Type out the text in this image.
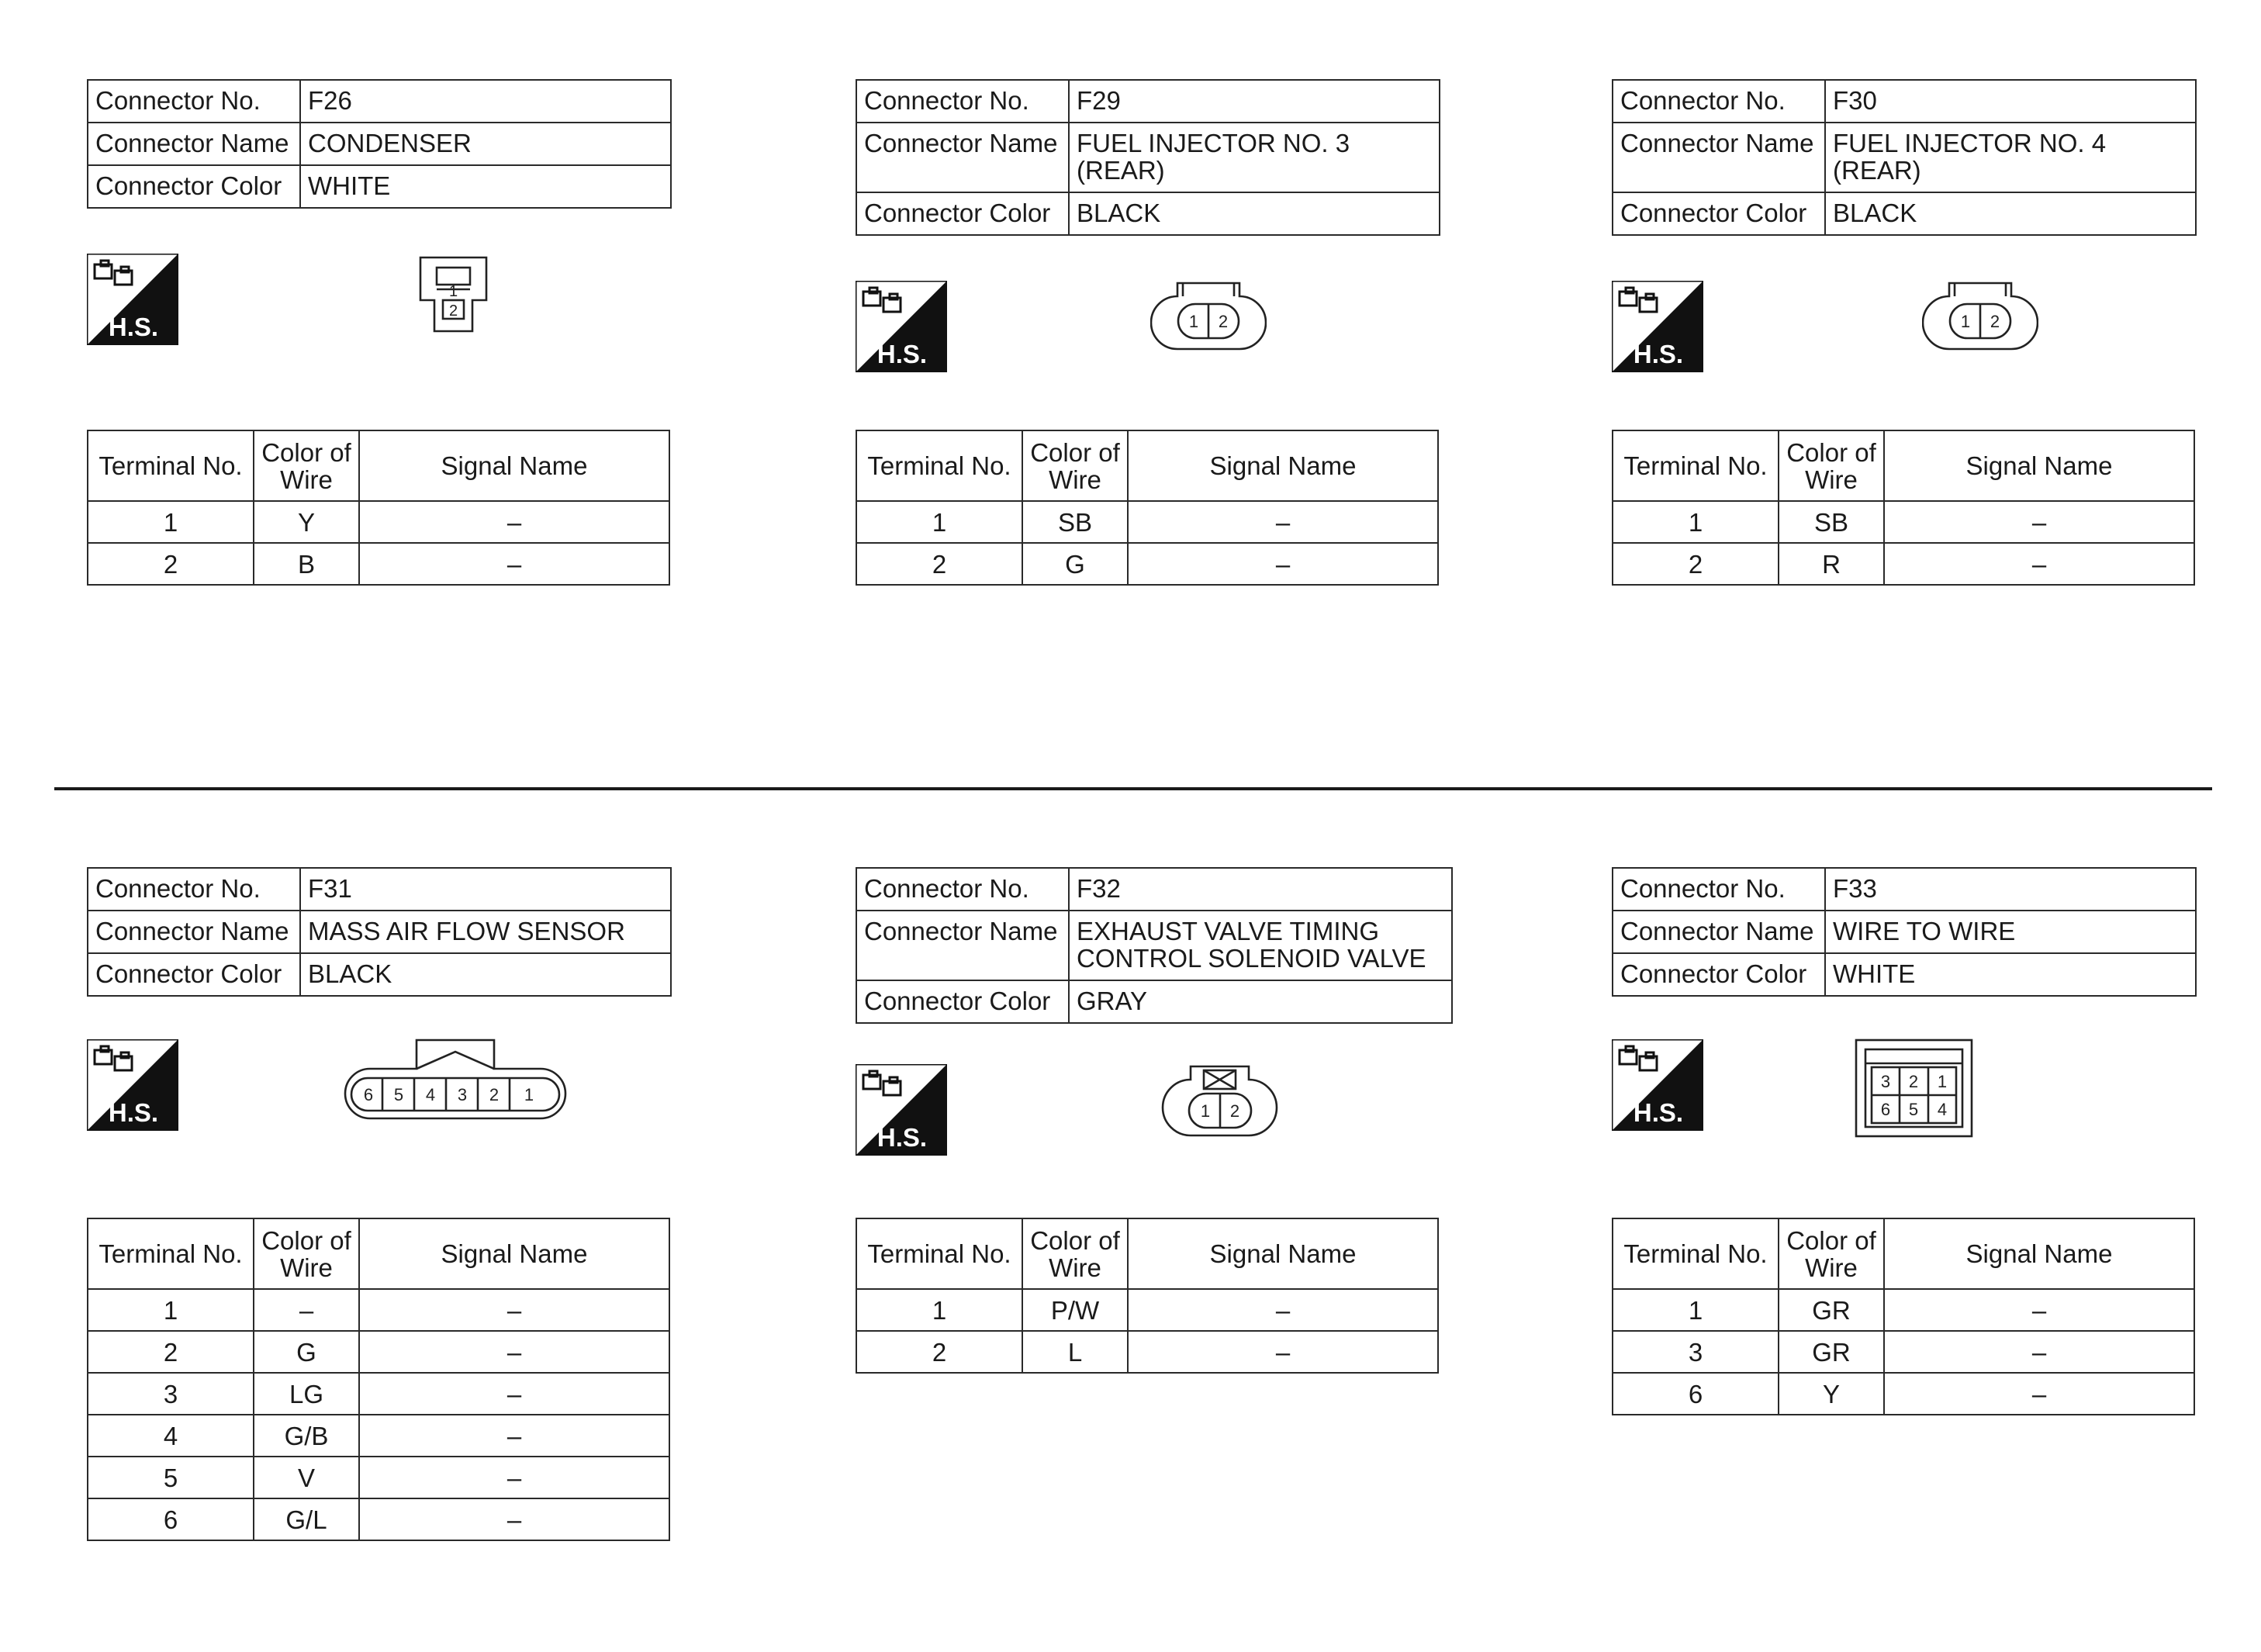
Connector No.	F26
Connector Name	CONDENSER
Connector Color	WHITE
H.S.
1
2
Terminal No.	Color of Wire	Signal Name
1	Y	–
2	B	–
Connector No.	F29
Connector Name	FUEL INJECTOR NO. 3 (REAR)
Connector Color	BLACK
H.S.
1 2
Terminal No.	Color of Wire	Signal Name
1	SB	–
2	G	–
Connector No.	F30
Connector Name	FUEL INJECTOR NO. 4 (REAR)
Connector Color	BLACK
H.S.
1 2
Terminal No.	Color of Wire	Signal Name
1	SB	–
2	R	–
Connector No.	F31
Connector Name	MASS AIR FLOW SENSOR
Connector Color	BLACK
H.S.
6 5 4 3 2 1
Terminal No.	Color of Wire	Signal Name
1	–	–
2	G	–
3	LG	–
4	G/B	–
5	V	–
6	G/L	–
Connector No.	F32
Connector Name	EXHAUST VALVE TIMING CONTROL SOLENOID VALVE
Connector Color	GRAY
H.S.
1 2
Terminal No.	Color of Wire	Signal Name
1	P/W	–
2	L	–
Connector No.	F33
Connector Name	WIRE TO WIRE
Connector Color	WHITE
H.S.
3 2 1
6 5 4
Terminal No.	Color of Wire	Signal Name
1	GR	–
3	GR	–
6	Y	–
